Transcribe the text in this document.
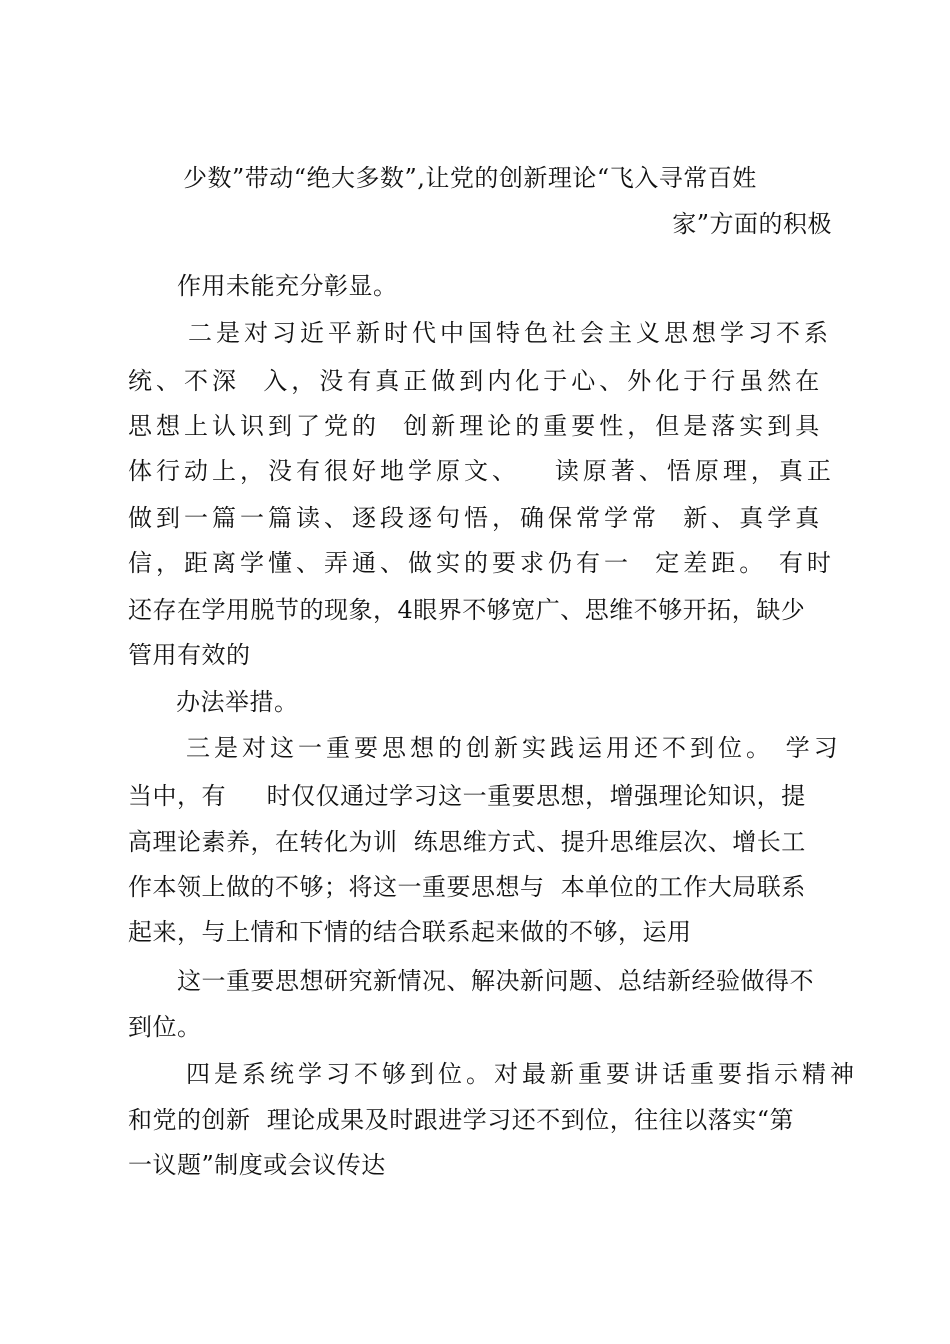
少数”带动“绝大多数”,让党的创新理论“飞入寻常百姓
家”方面的积极
作用未能充分彰显。
二是对习近平新时代中国特色社会主义思想学习不系
统、不深  入，没有真正做到内化于心、外化于行虽然在
思想上认识到了党的  创新理论的重要性，但是落实到具
体行动上，没有很好地学原文、   读原著、悟原理，真正
做到一篇一篇读、逐段逐句悟，确保常学常  新、真学真
信，距离学懂、弄通、做实的要求仍有一  定差距。 有时
还存在学用脱节的现象，4眼界不够宽广、思维不够开拓，缺少
管用有效的
办法举措。
三是对这一重要思想的创新实践运用还不到位。 学习
当中，有     时仅仅通过学习这一重要思想，增强理论知识，提
高理论素养，在转化为训  练思维方式、提升思维层次、增长工
作本领上做的不够；将这一重要思想与  本单位的工作大局联系
起来，与上情和下情的结合联系起来做的不够，运用
这一重要思想研究新情况、解决新问题、总结新经验做得不
到位。
四是系统学习不够到位。对最新重要讲话重要指示精神
和党的创新  理论成果及时跟进学习还不到位，往往以落实“第
一议题”制度或会议传达
